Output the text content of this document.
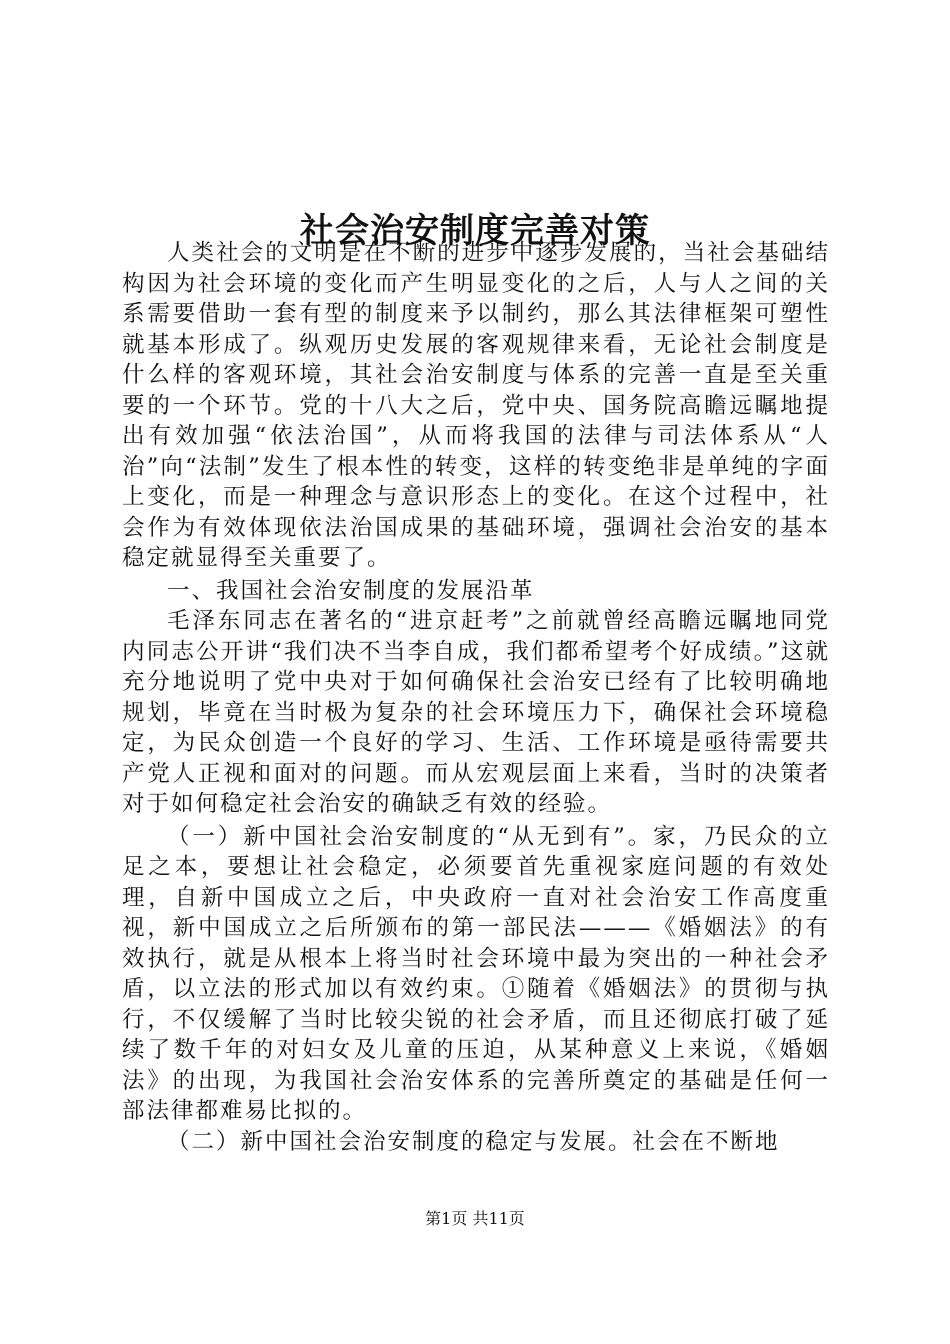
社会治安制度完善对策

人类社会的文明是在不断的进步中逐步发展的，当社会基础结构因为社会环境的变化而产生明显变化的之后，人与人之间的关系需要借助一套有型的制度来予以制约，那么其法律框架可塑性就基本形成了。纵观历史发展的客观规律来看，无论社会制度是什么样的客观环境，其社会治安制度与体系的完善一直是至关重要的一个环节。党的十八大之后，党中央、国务院高瞻远瞩地提出有效加强“依法治国”，从而将我国的法律与司法体系从“人治”向“法制”发生了根本性的转变，这样的转变绝非是单纯的字面上变化，而是一种理念与意识形态上的变化。在这个过程中，社会作为有效体现依法治国成果的基础环境，强调社会治安的基本稳定就显得至关重要了。

一、我国社会治安制度的发展沿革

毛泽东同志在著名的“进京赶考”之前就曾经高瞻远瞩地同党内同志公开讲“我们决不当李自成，我们都希望考个好成绩。”这就充分地说明了党中央对于如何确保社会治安已经有了比较明确地规划，毕竟在当时极为复杂的社会环境压力下，确保社会环境稳定，为民众创造一个良好的学习、生活、工作环境是亟待需要共产党人正视和面对的问题。而从宏观层面上来看，当时的决策者对于如何稳定社会治安的确缺乏有效的经验。

（一）新中国社会治安制度的“从无到有”。家，乃民众的立足之本，要想让社会稳定，必须要首先重视家庭问题的有效处理，自新中国成立之后，中央政府一直对社会治安工作高度重视，新中国成立之后所颁布的第一部民法———《婚姻法》的有效执行，就是从根本上将当时社会环境中最为突出的一种社会矛盾，以立法的形式加以有效约束。①随着《婚姻法》的贯彻与执行，不仅缓解了当时比较尖锐的社会矛盾，而且还彻底打破了延续了数千年的对妇女及儿童的压迫，从某种意义上来说，《婚姻法》的出现，为我国社会治安体系的完善所奠定的基础是任何一部法律都难易比拟的。

（二）新中国社会治安制度的稳定与发展。社会在不断地

第1页 共11页
